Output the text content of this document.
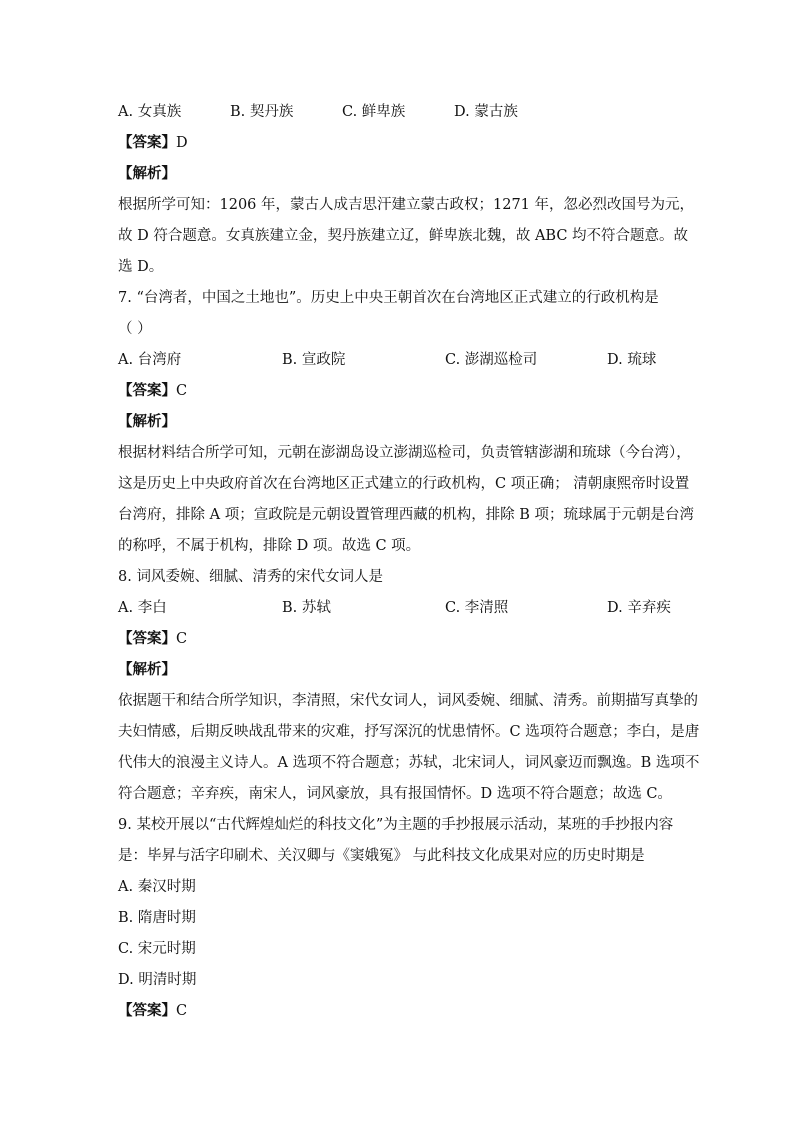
A. 女真族	B. 契丹族	C. 鲜卑族	D. 蒙古族
【答案】D
【解析】
根据所学可知：1206 年，蒙古人成吉思汗建立蒙古政权；1271 年，忽必烈改国号为元，
故 D 符合题意。女真族建立金，契丹族建立辽，鲜卑族北魏，故 ABC 均不符合题意。故
选 D。
7. “台湾者，中国之土地也”。历史上中央王朝首次在台湾地区正式建立的行政机构是
（ ）
A. 台湾府	B. 宣政院	C. 澎湖巡检司	D. 琉球
【答案】C
【解析】
根据材料结合所学可知，元朝在澎湖岛设立澎湖巡检司，负责管辖澎湖和琉球（今台湾），
这是历史上中央政府首次在台湾地区正式建立的行政机构，C 项正确； 清朝康熙帝时设置
台湾府，排除 A 项；宣政院是元朝设置管理西藏的机构，排除 B 项；琉球属于元朝是台湾
的称呼，不属于机构，排除 D 项。故选 C 项。
8. 词风委婉、细腻、清秀的宋代女词人是
A. 李白	B. 苏轼	C. 李清照	D. 辛弃疾
【答案】C
【解析】
依据题干和结合所学知识，李清照，宋代女词人，词风委婉、细腻、清秀。前期描写真挚的
夫妇情感，后期反映战乱带来的灾难，抒写深沉的忧患情怀。C 选项符合题意；李白，是唐
代伟大的浪漫主义诗人。A 选项不符合题意；苏轼，北宋词人，词风豪迈而飘逸。B 选项不
符合题意；辛弃疾，南宋人，词风豪放，具有报国情怀。D 选项不符合题意；故选 C。
9. 某校开展以“古代辉煌灿烂的科技文化”为主题的手抄报展示活动，某班的手抄报内容
是：毕昇与活字印刷术、关汉卿与《窦娥冤》 与此科技文化成果对应的历史时期是
A. 秦汉时期
B. 隋唐时期
C. 宋元时期
D. 明清时期
【答案】C
